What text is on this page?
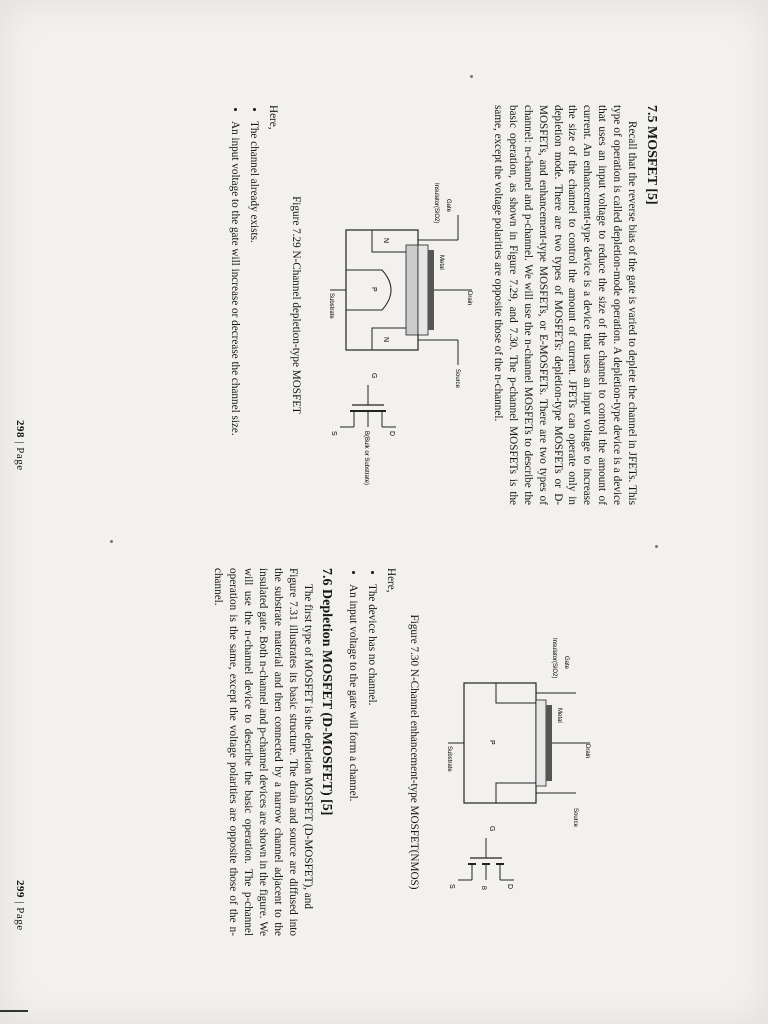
7.5 MOSFET [5]

Recall that the reverse bias of the gate is varied to deplete the channel in JFETs. This type of operation is called depletion-mode operation. A depletion-type device is a device that uses an input voltage to reduce the size of the channel to control the amount of current. An enhancement-type device is a device that uses an input voltage to increase the size of the channel to control the amount of current. JFETs can operate only in depletion mode. There are two types of MOSFETs: depletion-type MOSFETs or D-MOSFETs, and enhancement-type MOSFETs, or E-MOSFETs. There are two types of channel: n-channel and p-channel. We will use the n-channel MOSFETs to describe the basic operation, as shown in Figure 7.29, and 7.30. The p-channel MOSFETs is the same, except the voltage polarities are opposite those of the n-channel.

Drain
Gate
Metal
Insulator(SiO2)
Source
Substrate
N
N
P
D
G
S	B(Bulk or Substrate)
Figure 7.29 N-Channel depletion-type MOSFET
Here,
• The channel already exists.
• An input voltage to the gate will increase or decrease the channel size.
298 | Page
Drain
Gate
Metal
Insulator(SiO2)
Source
Substrate
P
D
G
S	B
Figure 7.30 N-Channel enhancement-type MOSFET(NMOS)
Here,
• The device has no channel.
• An input voltage to the gate will form a channel.
7.6 Depletion MOSFET (D-MOSFET) [5]

The first type of MOSFET is the depletion MOSFET (D-MOSFET), and

Figure 7.31 illustrates its basic structure. The drain and source are diffused into the substrate material and then connected by a narrow channel adjacent to the insulated gate. Both n-channel and p-channel devices are shown in the figure. We will use the n-channel device to describe the basic operation. The p-channel operation is the same, except the voltage polarities are opposite those of the n-channel.

299 | Page
